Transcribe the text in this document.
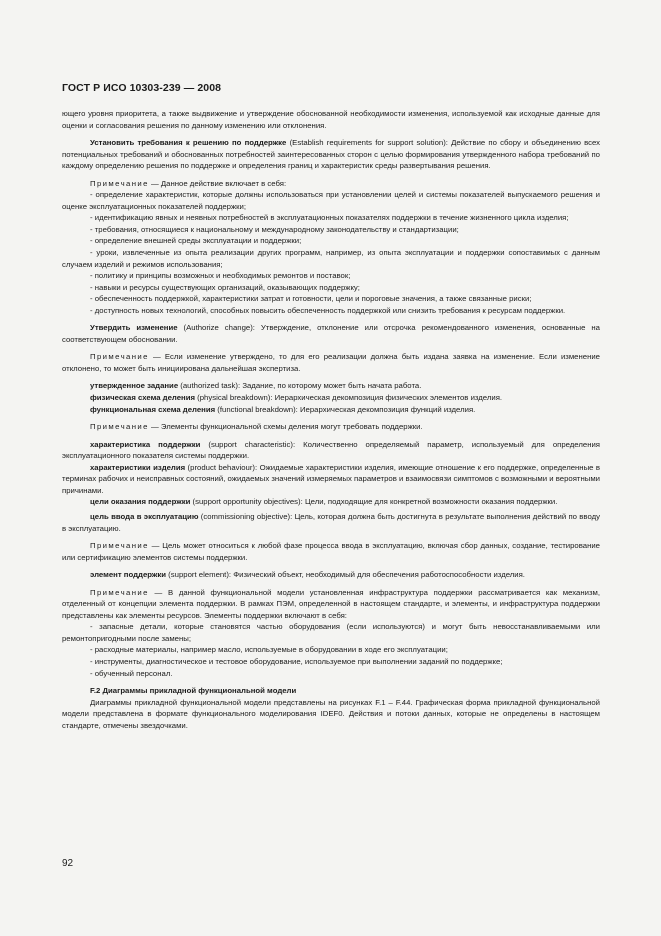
ГОСТ Р ИСО 10303-239 — 2008

ющего уровня приоритета, а также выдвижение и утверждение обоснованной необходимости изменения, используемой как исходные данные для оценки и согласования решения по данному изменению или отклонения.

Установить требования к решению по поддержке (Establish requirements for support solution): Действие по сбору и объединению всех потенциальных требований и обоснованных потребностей заинтересованных сторон с целью формирования утвержденного набора требований по каждому определению решения по поддержке и определения границ и характеристик среды развертывания решения.

Примечание — Данное действие включает в себя:

- определение характеристик, которые должны использоваться при установлении целей и системы показателей выпускаемого решения и оценке эксплуатационных показателей поддержки;

- идентификацию явных и неявных потребностей в эксплуатационных показателях поддержки в течение жизненного цикла изделия;

- требования, относящиеся к национальному и международному законодательству и стандартизации;

- определение внешней среды эксплуатации и поддержки;

- уроки, извлеченные из опыта реализации других программ, например, из опыта эксплуатации и поддержки сопоставимых с данным случаем изделий и режимов использования;

- политику и принципы возможных и необходимых ремонтов и поставок;

- навыки и ресурсы существующих организаций, оказывающих поддержку;

- обеспеченность поддержкой, характеристики затрат и готовности, цели и пороговые значения, а также связанные риски;

- доступность новых технологий, способных повысить обеспеченность поддержкой или снизить требования к ресурсам поддержки.

Утвердить изменение (Authorize change): Утверждение, отклонение или отсрочка рекомендованного изменения, основанные на соответствующем обосновании.

Примечание — Если изменение утверждено, то для его реализации должна быть издана заявка на изменение. Если изменение отклонено, то может быть инициирована дальнейшая экспертиза.

утвержденное задание (authorized task): Задание, по которому может быть начата работа.

физическая схема деления (physical breakdown): Иерархическая декомпозиция физических элементов изделия.

функциональная схема деления (functional breakdown): Иерархическая декомпозиция функций изделия.

Примечание — Элементы функциональной схемы деления могут требовать поддержки.

характеристика поддержки (support characteristic): Количественно определяемый параметр, используемый для определения эксплуатационного показателя системы поддержки.

характеристики изделия (product behaviour): Ожидаемые характеристики изделия, имеющие отношение к его поддержке, определенные в терминах рабочих и неисправных состояний, ожидаемых значений измеряемых параметров и взаимосвязи симптомов с возможными и вероятными причинами.

цели оказания поддержки (support opportunity objectives): Цели, подходящие для конкретной возможности оказания поддержки.

цель ввода в эксплуатацию (commissioning objective): Цель, которая должна быть достигнута в результате выполнения действий по вводу в эксплуатацию.

Примечание — Цель может относиться к любой фазе процесса ввода в эксплуатацию, включая сбор данных, создание, тестирование или сертификацию элементов системы поддержки.

элемент поддержки (support element): Физический объект, необходимый для обеспечения работоспособности изделия.

Примечание — В данной функциональной модели установленная инфраструктура поддержки рассматривается как механизм, отделенный от концепции элемента поддержки. В рамках ПЭМ, определенной в настоящем стандарте, и элементы, и инфраструктура поддержки представлены как элементы ресурсов. Элементы поддержки включают в себя:

- запасные детали, которые становятся частью оборудования (если используются) и могут быть невосстанавливаемыми или ремонтопригодными после замены;

- расходные материалы, например масло, используемые в оборудовании в ходе его эксплуатации;

- инструменты, диагностическое и тестовое оборудование, используемое при выполнении заданий по поддержке;

- обученный персонал.

F.2 Диаграммы прикладной функциональной модели

Диаграммы прикладной функциональной модели представлены на рисунках F.1 – F.44. Графическая форма прикладной функциональной модели представлена в формате функционального моделирования IDEF0. Действия и потоки данных, которые не определены в настоящем стандарте, отмечены звездочками.

92
